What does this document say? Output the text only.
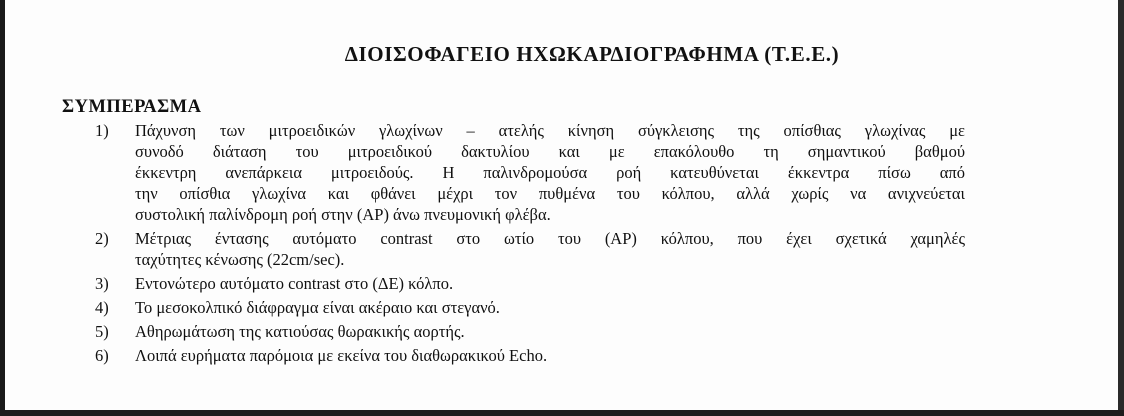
ΔΙΟΙΣΟΦΑΓΕΙΟ ΗΧΩΚΑΡΔΙΟΓΡΑΦΗΜΑ (Τ.Ε.Ε.)
ΣΥΜΠΕΡΑΣΜΑ
1) Πάχυνση των μιτροειδικών γλωχίνων – ατελής κίνηση σύγκλεισης της οπίσθιας γλωχίνας με
συνοδό διάταση του μιτροειδικού δακτυλίου και με επακόλουθο τη σημαντικού βαθμού
έκκεντρη ανεπάρκεια μιτροειδούς. Η παλινδρομούσα ροή κατευθύνεται έκκεντρα πίσω από
την οπίσθια γλωχίνα και φθάνει μέχρι τον πυθμένα του κόλπου, αλλά χωρίς να ανιχνεύεται
συστολική παλίνδρομη ροή στην (ΑΡ) άνω πνευμονική φλέβα.
2) Μέτριας έντασης αυτόματο contrast στο ωτίο του (ΑΡ) κόλπου, που έχει σχετικά χαμηλές
ταχύτητες κένωσης (22cm/sec).
3) Εντονώτερο αυτόματο contrast στο (ΔΕ) κόλπο.
4) Το μεσοκολπικό διάφραγμα είναι ακέραιο και στεγανό.
5) Αθηρωμάτωση της κατιούσας θωρακικής αορτής.
6) Λοιπά ευρήματα παρόμοια με εκείνα του διαθωρακικού Echo.
